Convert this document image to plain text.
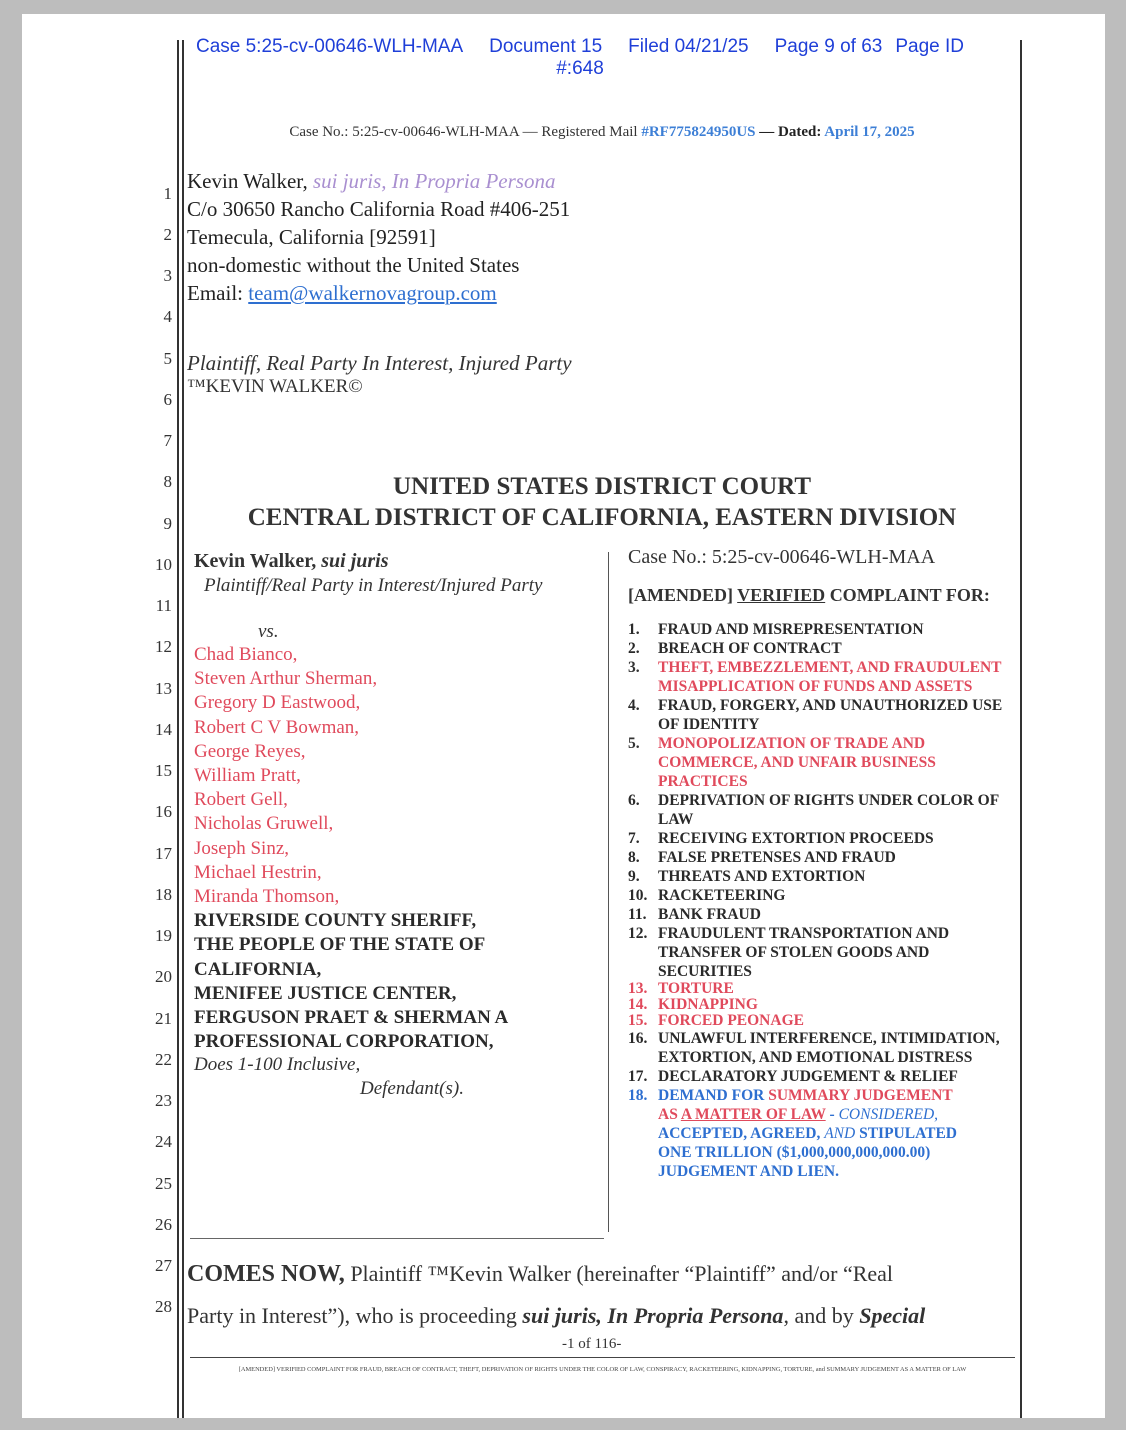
Case 5:25-cv-00646-WLH-MAA Document 15 Filed 04/21/25 Page 9 of 63 Page ID
#:648
Case No.: 5:25-cv-00646-WLH-MAA — Registered Mail #RF775824950US — Dated: April 17, 2025
1
2
3
4
5
6
7
8
9
10
11
12
13
14
15
16
17
18
19
20
21
22
23
24
25
26
27
28
Kevin Walker, sui juris, In Propria Persona
C/o 30650 Rancho California Road #406-251
Temecula, California [92591]
non-domestic without the United States
Email: team@walkernovagroup.com
Plaintiff, Real Party In Interest, Injured Party
™KEVIN WALKER©
UNITED STATES DISTRICT COURT
CENTRAL DISTRICT OF CALIFORNIA, EASTERN DIVISION
Kevin Walker, sui juris
Plaintiff/Real Party in Interest/Injured Party
vs.
Chad Bianco,
Steven Arthur Sherman,
Gregory D Eastwood,
Robert C V Bowman,
George Reyes,
William Pratt,
Robert Gell,
Nicholas Gruwell,
Joseph Sinz,
Michael Hestrin,
Miranda Thomson,
RIVERSIDE COUNTY SHERIFF,
THE PEOPLE OF THE STATE OF
CALIFORNIA,
MENIFEE JUSTICE CENTER,
FERGUSON PRAET & SHERMAN A
PROFESSIONAL CORPORATION,
Does 1-100 Inclusive,
Defendant(s).
Case No.: 5:25-cv-00646-WLH-MAA
[AMENDED] VERIFIED COMPLAINT FOR:
1.	FRAUD AND MISREPRESENTATION
2.	BREACH OF CONTRACT
3.	THEFT, EMBEZZLEMENT, AND FRAUDULENT MISAPPLICATION OF FUNDS AND ASSETS
4.	FRAUD, FORGERY, AND UNAUTHORIZED USE OF IDENTITY
5.	MONOPOLIZATION OF TRADE AND COMMERCE, AND UNFAIR BUSINESS PRACTICES
6.	DEPRIVATION OF RIGHTS UNDER COLOR OF LAW
7.	RECEIVING EXTORTION PROCEEDS
8.	FALSE PRETENSES AND FRAUD
9.	THREATS AND EXTORTION
10. RACKETEERING
11. BANK FRAUD
12. FRAUDULENT TRANSPORTATION AND TRANSFER OF STOLEN GOODS AND SECURITIES
13. TORTURE
14. KIDNAPPING
15. FORCED PEONAGE
16. UNLAWFUL INTERFERENCE, INTIMIDATION, EXTORTION, AND EMOTIONAL DISTRESS
17. DECLARATORY JUDGEMENT & RELIEF
18. DEMAND FOR SUMMARY JUDGEMENT
AS A MATTER OF LAW - CONSIDERED,
ACCEPTED, AGREED, AND STIPULATED
ONE TRILLION ($1,000,000,000,000.00) JUDGEMENT AND LIEN.
COMES NOW, Plaintiff ™Kevin Walker (hereinafter “Plaintiff” and/or “Real
Party in Interest”), who is proceeding sui juris, In Propria Persona, and by Special
-1 of 116-
[AMENDED] VERIFIED COMPLAINT FOR FRAUD, BREACH OF CONTRACT, THEFT, DEPRIVATION OF RIGHTS UNDER THE COLOR OF LAW, CONSPIRACY, RACKETEERING, KIDNAPPING, TORTURE, and SUMMARY JUDGEMENT AS A MATTER OF LAW
